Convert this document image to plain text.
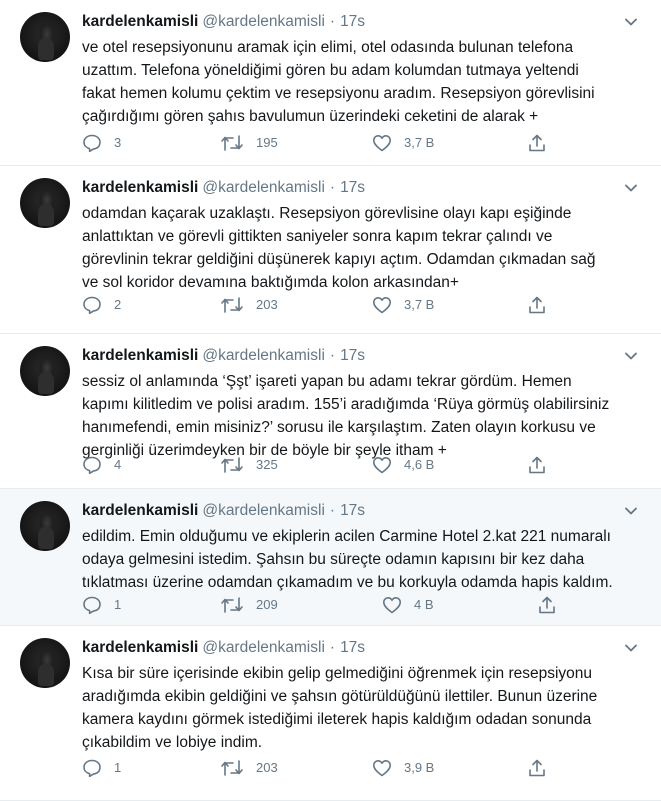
kardelenkamisli @kardelenkamisli · 17s
ve otel resepsiyonunu aramak için elimi, otel odasında bulunan telefona
uzattım. Telefona yöneldiğimi gören bu adam kolumdan tutmaya yeltendi
fakat hemen kolumu çektim ve resepsiyonu aradım. Resepsiyon görevlisini
çağırdığımı gören şahıs bavulumun üzerindeki ceketini de alarak +
3	195	3,7 B
kardelenkamisli @kardelenkamisli · 17s
odamdan kaçarak uzaklaştı. Resepsiyon görevlisine olayı kapı eşiğinde
anlattıktan ve görevli gittikten saniyeler sonra kapım tekrar çalındı ve
görevlinin tekrar geldiğini düşünerek kapıyı açtım. Odamdan çıkmadan sağ
ve sol koridor devamına baktığımda kolon arkasından+
2	203	3,7 B
kardelenkamisli @kardelenkamisli · 17s
sessiz ol anlamında ‘Şşt’ işareti yapan bu adamı tekrar gördüm. Hemen
kapımı kilitledim ve polisi aradım. 155’i aradığımda ‘Rüya görmüş olabilirsiniz
hanımefendi, emin misiniz?’ sorusu ile karşılaştım. Zaten olayın korkusu ve
gerginliği üzerimdeyken bir de böyle bir şeyle itham +
4	325	4,6 B
kardelenkamisli @kardelenkamisli · 17s
edildim. Emin olduğumu ve ekiplerin acilen Carmine Hotel 2.kat 221 numaralı
odaya gelmesini istedim. Şahsın bu süreçte odamın kapısını bir kez daha
tıklatması üzerine odamdan çıkamadım ve bu korkuyla odamda hapis kaldım.
1	209	4 B
kardelenkamisli @kardelenkamisli · 17s
Kısa bir süre içerisinde ekibin gelip gelmediğini öğrenmek için resepsiyonu
aradığımda ekibin geldiğini ve şahsın götürüldüğünü ilettiler. Bunun üzerine
kamera kaydını görmek istediğimi ileterek hapis kaldığım odadan sonunda
çıkabildim ve lobiye indim.
1	203	3,9 B
